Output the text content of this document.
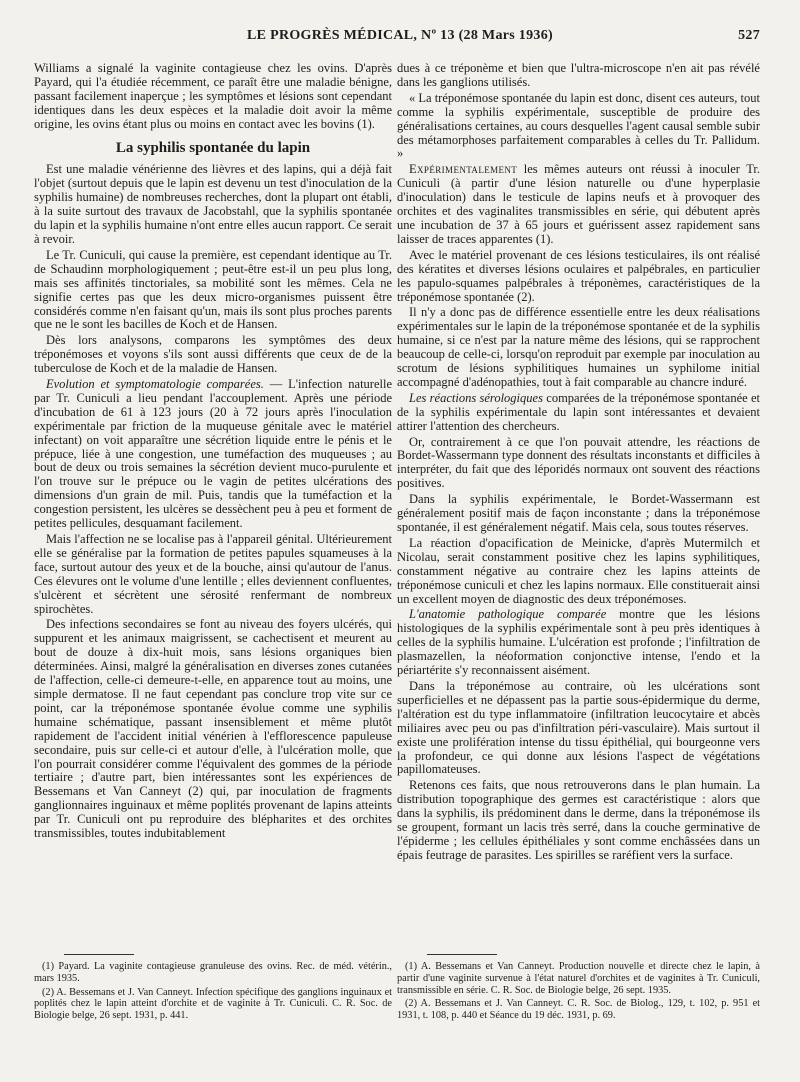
LE PROGRÈS MÉDICAL, Nº 13 (28 Mars 1936)	527

Williams a signalé la vaginite contagieuse chez les ovins. D'après Payard, qui l'a étudiée récemment, ce paraît être une maladie bénigne, passant facilement inaperçue ; les symptômes et lésions sont cependant identiques dans les deux espèces et la maladie doit avoir la même origine, les ovins étant plus ou moins en contact avec les bovins (1).

La syphilis spontanée du lapin

Est une maladie vénérienne des lièvres et des lapins, qui a déjà fait l'objet (surtout depuis que le lapin est devenu un test d'inoculation de la syphilis humaine) de nombreuses recherches, dont la plupart ont établi, à la suite surtout des travaux de Jacobstahl, que la syphilis spontanée du lapin et la syphilis humaine n'ont entre elles aucun rapport. Ce serait à revoir.

Le Tr. Cuniculi, qui cause la première, est cependant identique au Tr. de Schaudinn morphologiquement ; peut-être est-il un peu plus long, mais ses affinités tinctoriales, sa mobilité sont les mêmes. Cela ne signifie certes pas que les deux micro-organismes puissent être considérés comme n'en faisant qu'un, mais ils sont plus proches parents que ne le sont les bacilles de Koch et de Hansen.

Dès lors analysons, comparons les symptômes des deux tréponémoses et voyons s'ils sont aussi différents que ceux de de la tuberculose de Koch et de la maladie de Hansen.

Evolution et symptomatologie comparées. — L'infection naturelle par Tr. Cuniculi a lieu pendant l'accouplement. Après une période d'incubation de 61 à 123 jours (20 à 72 jours après l'inoculation expérimentale par friction de la muqueuse génitale avec le matériel infectant) on voit apparaître une sécrétion liquide entre le pénis et le prépuce, liée à une congestion, une tuméfaction des muqueuses ; au bout de deux ou trois semaines la sécrétion devient muco-purulente et l'on trouve sur le prépuce ou le vagin de petites ulcérations des dimensions d'un grain de mil. Puis, tandis que la tuméfaction et la congestion persistent, les ulcères se dessèchent peu à peu et forment de petites pellicules, desquamant facilement.

Mais l'affection ne se localise pas à l'appareil génital. Ultérieurement elle se généralise par la formation de petites papules squameuses à la face, surtout autour des yeux et de la bouche, ainsi qu'autour de l'anus. Ces élevures ont le volume d'une lentille ; elles deviennent confluentes, s'ulcèrent et sécrètent une sérosité renfermant de nombreux spirochètes.

Des infections secondaires se font au niveau des foyers ulcérés, qui suppurent et les animaux maigrissent, se cachectisent et meurent au bout de douze à dix-huit mois, sans lésions organiques bien déterminées. Ainsi, malgré la généralisation en diverses zones cutanées de l'affection, celle-ci demeure-t-elle, en apparence tout au moins, une simple dermatose. Il ne faut cependant pas conclure trop vite sur ce point, car la tréponémose spontanée évolue comme une syphilis humaine schématique, passant insensiblement et même plutôt rapidement de l'accident initial vénérien à l'efflorescence papuleuse secondaire, puis sur celle-ci et autour d'elle, à l'ulcération molle, que l'on pourrait considérer comme l'équivalent des gommes de la période tertiaire ; d'autre part, bien intéressantes sont les expériences de Bessemans et Van Canneyt (2) qui, par inoculation de fragments ganglionnaires inguinaux et même poplités provenant de lapins atteints par Tr. Cuniculi ont pu reproduire des blépharites et des orchites transmissibles, toutes indubitablement

(1) Payard. La vaginite contagieuse granuleuse des ovins. Rec. de méd. vétérin., mars 1935.

(2) A. Bessemans et J. Van Canneyt. Infection spécifique des ganglions inguinaux et poplités chez le lapin atteint d'orchite et de vaginite à Tr. Cuniculi. C. R. Soc. de Biologie belge, 26 sept. 1931, p. 441.

dues à ce tréponème et bien que l'ultra-microscope n'en ait pas révélé dans les ganglions utilisés.

« La tréponémose spontanée du lapin est donc, disent ces auteurs, tout comme la syphilis expérimentale, susceptible de produire des généralisations certaines, au cours desquelles l'agent causal semble subir des métamorphoses parfaitement comparables à celles du Tr. Pallidum. »

Expérimentalement les mêmes auteurs ont réussi à inoculer Tr. Cuniculi (à partir d'une lésion naturelle ou d'une hyperplasie d'inoculation) dans le testicule de lapins neufs et à provoquer des orchites et des vaginalites transmissibles en série, qui débutent après une incubation de 37 à 65 jours et guérissent assez rapidement sans laisser de traces apparentes (1).

Avec le matériel provenant de ces lésions testiculaires, ils ont réalisé des kératites et diverses lésions oculaires et palpébrales, en particulier les papulo-squames palpébrales à tréponèmes, caractéristiques de la tréponémose spontanée (2).

Il n'y a donc pas de différence essentielle entre les deux réalisations expérimentales sur le lapin de la tréponémose spontanée et de la syphilis humaine, si ce n'est par la nature même des lésions, qui se rapprochent beaucoup de celle-ci, lorsqu'on reproduit par exemple par inoculation au scrotum de lésions syphilitiques humaines un syphilome initial accompagné d'adénopathies, tout à fait comparable au chancre induré.

Les réactions sérologiques comparées de la tréponémose spontanée et de la syphilis expérimentale du lapin sont intéressantes et devaient attirer l'attention des chercheurs.

Or, contrairement à ce que l'on pouvait attendre, les réactions de Bordet-Wassermann type donnent des résultats inconstants et difficiles à interpréter, du fait que des léporidés normaux ont souvent des réactions positives.

Dans la syphilis expérimentale, le Bordet-Wassermann est généralement positif mais de façon inconstante ; dans la tréponémose spontanée, il est généralement négatif. Mais cela, sous toutes réserves.

La réaction d'opacification de Meinicke, d'après Mutermilch et Nicolau, serait constamment positive chez les lapins syphilitiques, constamment négative au contraire chez les lapins atteints de tréponémose cuniculi et chez les lapins normaux. Elle constituerait ainsi un excellent moyen de diagnostic des deux tréponémoses.

L'anatomie pathologique comparée montre que les lésions histologiques de la syphilis expérimentale sont à peu près identiques à celles de la syphilis humaine. L'ulcération est profonde ; l'infiltration de plasmazellen, la néoformation conjonctive intense, l'endo et la périartérite s'y reconnaissent aisément.

Dans la tréponémose au contraire, où les ulcérations sont superficielles et ne dépassent pas la partie sous-épidermique du derme, l'altération est du type inflammatoire (infiltration leucocytaire et abcès miliaires avec peu ou pas d'infiltration péri-vasculaire). Mais surtout il existe une prolifération intense du tissu épithélial, qui bourgeonne vers la profondeur, ce qui donne aux lésions l'aspect de végétations papillomateuses.

Retenons ces faits, que nous retrouverons dans le plan humain. La distribution topographique des germes est caractéristique : alors que dans la syphilis, ils prédominent dans le derme, dans la tréponémose ils se groupent, formant un lacis très serré, dans la couche germinative de l'épiderme ; les cellules épithéliales y sont comme enchâssées dans un épais feutrage de parasites. Les spirilles se raréfient vers la surface.

(1) A. Bessemans et Van Canneyt. Production nouvelle et directe chez le lapin, à partir d'une vaginite survenue à l'état naturel d'orchites et de vaginites à Tr. Cuniculi, transmissible en série. C. R. Soc. de Biologie belge, 26 sept. 1935.

(2) A. Bessemans et J. Van Canneyt. C. R. Soc. de Biolog., 129, t. 102, p. 951 et 1931, t. 108, p. 440 et Séance du 19 déc. 1931, p. 69.
